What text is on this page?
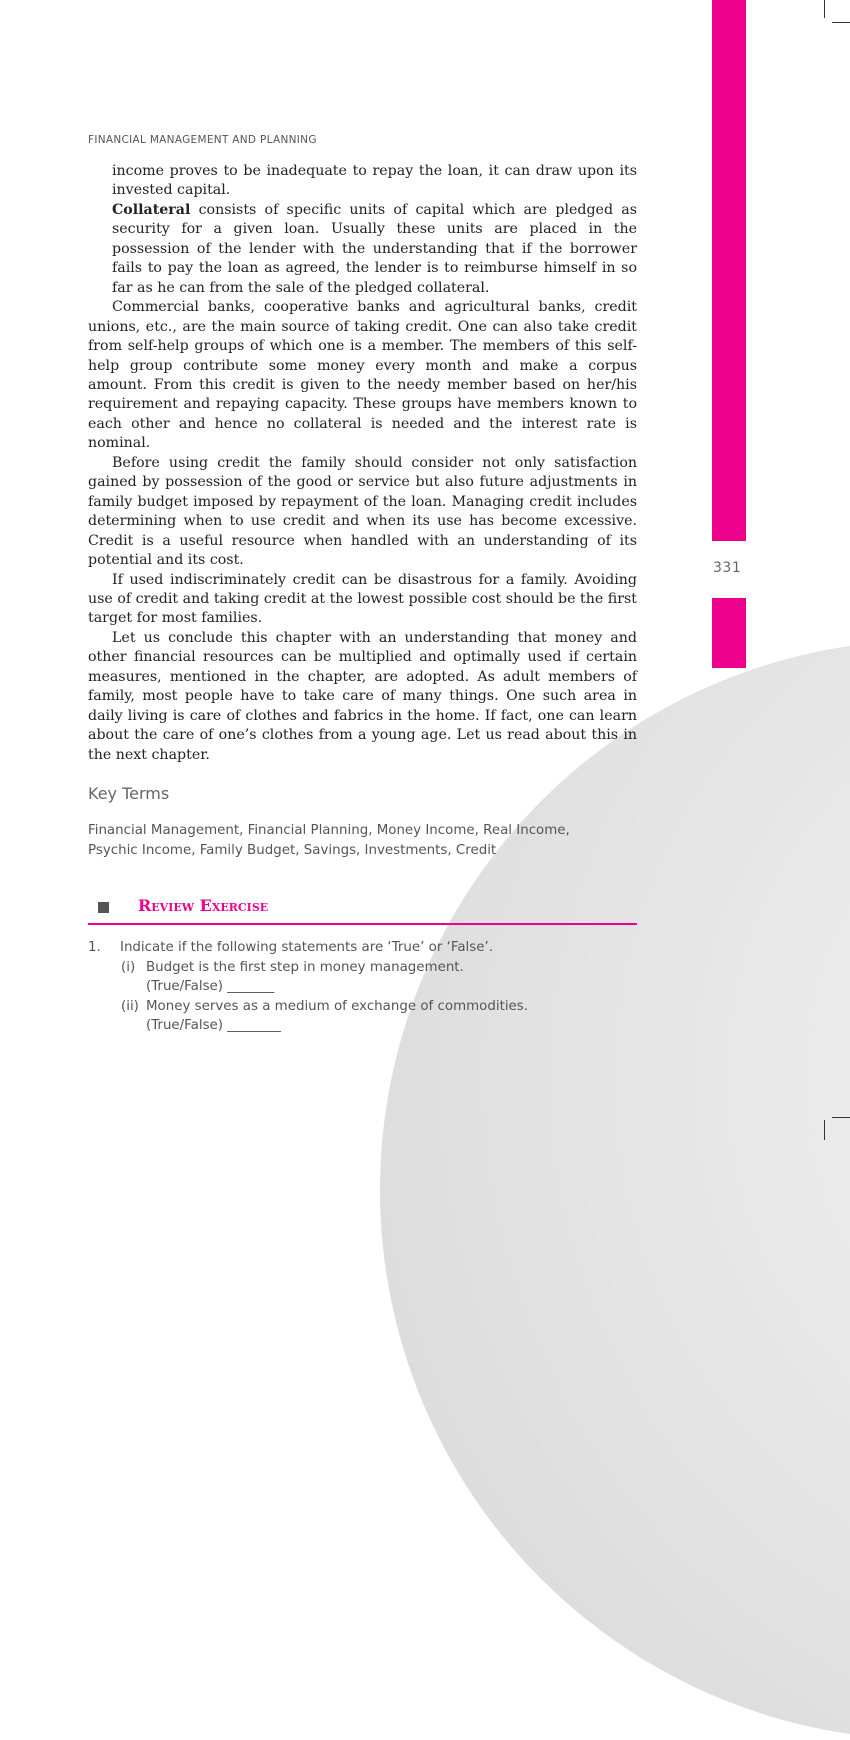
331
FINANCIAL MANAGEMENT AND PLANNING

income proves to be inadequate to repay the loan, it can draw upon its invested capital.

Collateral consists of specific units of capital which are pledged as security for a given loan. Usually these units are placed in the possession of the lender with the understanding that if the borrower fails to pay the loan as agreed, the lender is to reimburse himself in so far as he can from the sale of the pledged collateral.

Commercial banks, cooperative banks and agricultural banks, credit unions, etc., are the main source of taking credit. One can also take credit from self-help groups of which one is a member. The members of this self-help group contribute some money every month and make a corpus amount. From this credit is given to the needy member based on her/his requirement and repaying capacity. These groups have members known to each other and hence no collateral is needed and the interest rate is nominal.

Before using credit the family should consider not only satisfaction gained by possession of the good or service but also future adjustments in family budget imposed by repayment of the loan. Managing credit includes determining when to use credit and when its use has become excessive. Credit is a useful resource when handled with an understanding of its potential and its cost.

If used indiscriminately credit can be disastrous for a family. Avoiding use of credit and taking credit at the lowest possible cost should be the first target for most families.

Let us conclude this chapter with an understanding that money and other financial resources can be multiplied and optimally used if certain measures, mentioned in the chapter, are adopted. As adult members of family, most people have to take care of many things. One such area in daily living is care of clothes and fabrics in the home. If fact, one can learn about the care of one’s clothes from a young age. Let us read about this in the next chapter.

Key Terms
Financial Management, Financial Planning, Money Income, Real Income,
Psychic Income, Family Budget, Savings, Investments, Credit
Review Exercise
1. Indicate if the following statements are ‘True’ or ‘False’.
(i) Budget is the first step in money management.
(True/False) _______
(ii) Money serves as a medium of exchange of commodities.
(True/False) ________
